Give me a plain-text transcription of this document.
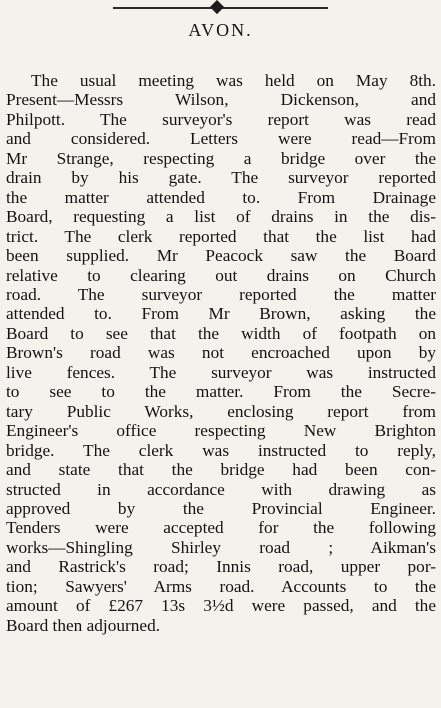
AVON.

The usual meeting was held on May 8th.
Present—Messrs Wilson, Dickenson, and
Philpott. The surveyor's report was read
and considered. Letters were read—From
Mr Strange, respecting a bridge over the
drain by his gate. The surveyor reported
the matter attended to. From Drainage
Board, requesting a list of drains in the dis-
trict. The clerk reported that the list had
been supplied. Mr Peacock saw the Board
relative to clearing out drains on Church
road. The surveyor reported the matter
attended to. From Mr Brown, asking the
Board to see that the width of footpath on
Brown's road was not encroached upon by
live fences. The surveyor was instructed
to see to the matter. From the Secre-
tary Public Works, enclosing report from
Engineer's office respecting New Brighton
bridge. The clerk was instructed to reply,
and state that the bridge had been con-
structed in accordance with drawing as
approved by the Provincial Engineer.
Tenders were accepted for the following
works—Shingling Shirley road ; Aikman's
and Rastrick's road; Innis road, upper por-
tion; Sawyers' Arms road. Accounts to the
amount of £267 13s 3½d were passed, and the
Board then adjourned.
